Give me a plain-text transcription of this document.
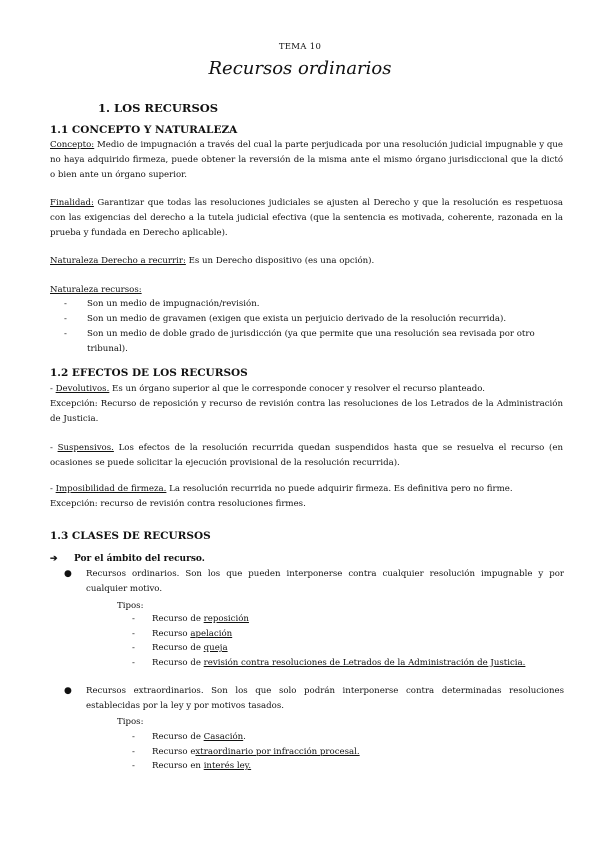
TEMA 10
Recursos ordinarios
1. LOS RECURSOS
1.1 CONCEPTO Y NATURALEZA
Concepto: Medio de impugnación a través del cual la parte perjudicada por una resolución judicial impugnable y que no haya adquirido firmeza, puede obtener la reversión de la misma ante el mismo órgano jurisdiccional que la dictó o bien ante un órgano superior.
Finalidad: Garantizar que todas las resoluciones judiciales se ajusten al Derecho y que la resolución es respetuosa con las exigencias del derecho a la tutela judicial efectiva (que la sentencia es motivada, coherente, razonada en la prueba y fundada en Derecho aplicable).
Naturaleza Derecho a recurrir: Es un Derecho dispositivo (es una opción).
Naturaleza recursos:
- Son un medio de impugnación/revisión.
- Son un medio de gravamen (exigen que exista un perjuicio derivado de la resolución recurrida).
- Son un medio de doble grado de jurisdicción (ya que permite que una resolución sea revisada por otro tribunal).
1.2 EFECTOS DE LOS RECURSOS
- Devolutivos. Es un órgano superior al que le corresponde conocer y resolver el recurso planteado.
Excepción: Recurso de reposición y recurso de revisión contra las resoluciones de los Letrados de la Administración de Justicia.
- Suspensivos. Los efectos de la resolución recurrida quedan suspendidos hasta que se resuelva el recurso (en ocasiones se puede solicitar la ejecución provisional de la resolución recurrida).
- Imposibilidad de firmeza. La resolución recurrida no puede adquirir firmeza. Es definitiva pero no firme.
Excepción: recurso de revisión contra resoluciones firmes.
1.3 CLASES DE RECURSOS
➔ Por el ámbito del recurso.
● Recursos ordinarios. Son los que pueden interponerse contra cualquier resolución impugnable y por cualquier motivo.
Tipos:
- Recurso de reposición
- Recurso apelación
- Recurso de queja
- Recurso de revisión contra resoluciones de Letrados de la Administración de Justicia.
● Recursos extraordinarios. Son los que solo podrán interponerse contra determinadas resoluciones establecidas por la ley y por motivos tasados.
Tipos:
- Recurso de Casación.
- Recurso extraordinario por infracción procesal.
- Recurso en interés ley.
